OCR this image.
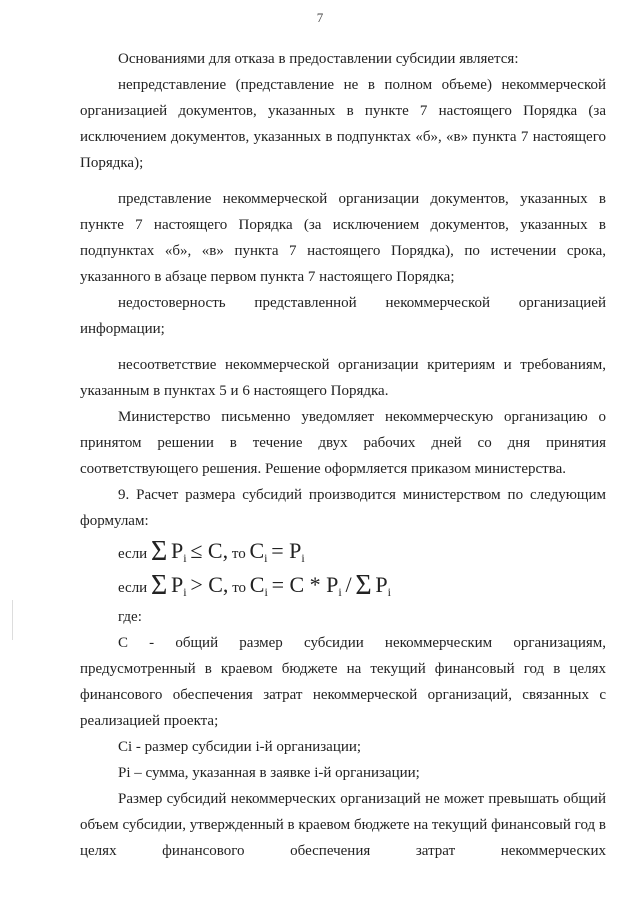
7

Основаниями для отказа в предоставлении субсидии является:

непредставление (представление не в полном объеме) некоммерческой организацией документов, указанных в пункте 7 настоящего Порядка (за исключением документов, указанных в подпунктах «б», «в» пункта 7 настоящего Порядка);

представление некоммерческой организации документов, указанных в пункте 7 настоящего Порядка (за исключением документов, указанных в подпунктах «б», «в» пункта 7 настоящего Порядка), по истечении срока, указанного в абзаце первом пункта 7 настоящего Порядка;

недостоверность представленной некоммерческой организацией информации;

несоответствие некоммерческой организации критериям и требованиям, указанным в пунктах 5 и 6 настоящего Порядка.

Министерство письменно уведомляет некоммерческую организацию о принятом решении в течение двух рабочих дней со дня принятия соответствующего решения. Решение оформляется приказом министерства.

9. Расчет размера субсидий производится министерством по следующим формулам:

если Σ $P_i \le C$, то $C_i = P_i$
если Σ $P_i > C$, то $C_i = C * P_i / \Sigma$ $P_i$

где:

C - общий размер субсидии некоммерческим организациям, предусмотренный в краевом бюджете на текущий финансовый год в целях финансового обеспечения затрат некоммерческой организаций, связанных с реализацией проекта;

Ci - размер субсидии i-й организации;

Pi – сумма, указанная в заявке i-й организации;

Размер субсидий некоммерческих организаций не может превышать общий объем субсидии, утвержденный в краевом бюджете на текущий финансовый год в целях финансового обеспечения затрат некоммерческих
